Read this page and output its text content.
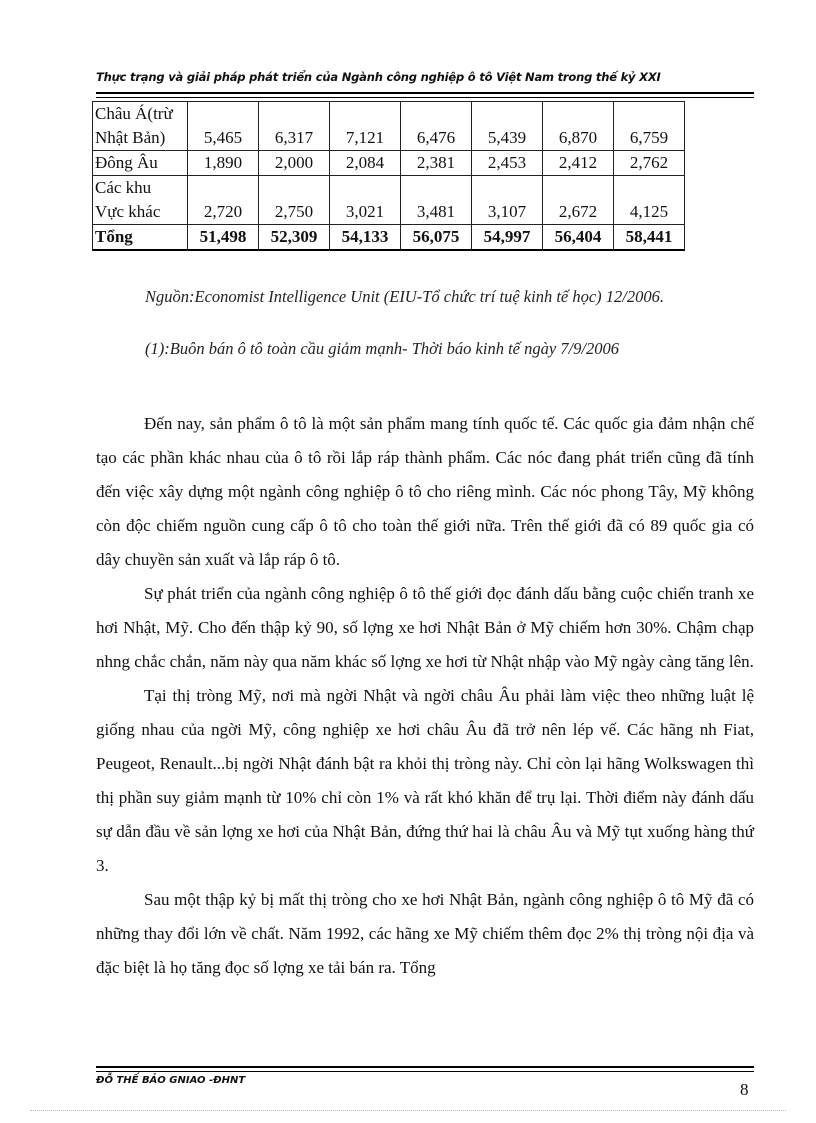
Thực trạng và giải pháp phát triển của Ngành công nghiệp ô tô Việt Nam trong thế kỷ XXI
Châu Á(trừ
Nhật Bản)	5,465	6,317	7,121	6,476	5,439	6,870	6,759
Đông Âu	1,890	2,000	2,084	2,381	2,453	2,412	2,762
Các khu
Vực khác	2,720	2,750	3,021	3,481	3,107	2,672	4,125
Tổng	51,498	52,309	54,133	56,075	54,997	56,404	58,441
Nguồn:Economist Intelligence Unit (EIU-Tổ chức trí tuệ kinh tế học) 12/2006.
(1):Buôn bán ô tô toàn cầu giảm mạnh- Thời báo kinh tế ngày 7/9/2006

Đến nay, sản phẩm ô tô là một sản phẩm mang tính quốc tế. Các quốc gia đảm nhận chế tạo các phần khác nhau của ô tô rồi lắp ráp thành phẩm. Các nóc đang phát triển cũng đã tính đến việc xây dựng một ngành công nghiệp ô tô cho riêng mình. Các nóc phong Tây, Mỹ không còn độc chiếm nguồn cung cấp ô tô cho toàn thế giới nữa. Trên thế giới đã có 89 quốc gia có dây chuyền sản xuất và lắp ráp ô tô.

Sự phát triển của ngành công nghiệp ô tô thế giới đọc đánh dấu bằng cuộc chiến tranh xe hơi Nhật, Mỹ. Cho đến thập kỷ 90, số lợng xe hơi Nhật Bản ở Mỹ chiếm hơn 30%. Chậm chạp nhng chắc chắn, năm này qua năm khác số lợng xe hơi từ Nhật nhập vào Mỹ ngày càng tăng lên.

Tại thị tròng Mỹ, nơi mà ngời Nhật và ngời châu Âu phải làm việc theo những luật lệ giống nhau của ngời Mỹ, công nghiệp xe hơi châu Âu đã trở nên lép vế. Các hãng nh Fiat, Peugeot, Renault...bị ngời Nhật đánh bật ra khỏi thị tròng này. Chỉ còn lại hãng Wolkswagen thì thị phần suy giảm mạnh từ 10% chỉ còn 1% và rất khó khăn để trụ lại. Thời điểm này đánh dấu sự dẫn đầu về sản lợng xe hơi của Nhật Bản, đứng thứ hai là châu Âu và Mỹ tụt xuống hàng thứ 3.

Sau một thập kỷ bị mất thị tròng cho xe hơi Nhật Bản, ngành công nghiệp ô tô Mỹ đã có những thay đổi lớn về chất. Năm 1992, các hãng xe Mỹ chiếm thêm đọc 2% thị tròng nội địa và đặc biệt là họ tăng đọc số lợng xe tải bán ra. Tổng

ĐỖ THẾ BẢO GNIAO -ĐHNT	8
